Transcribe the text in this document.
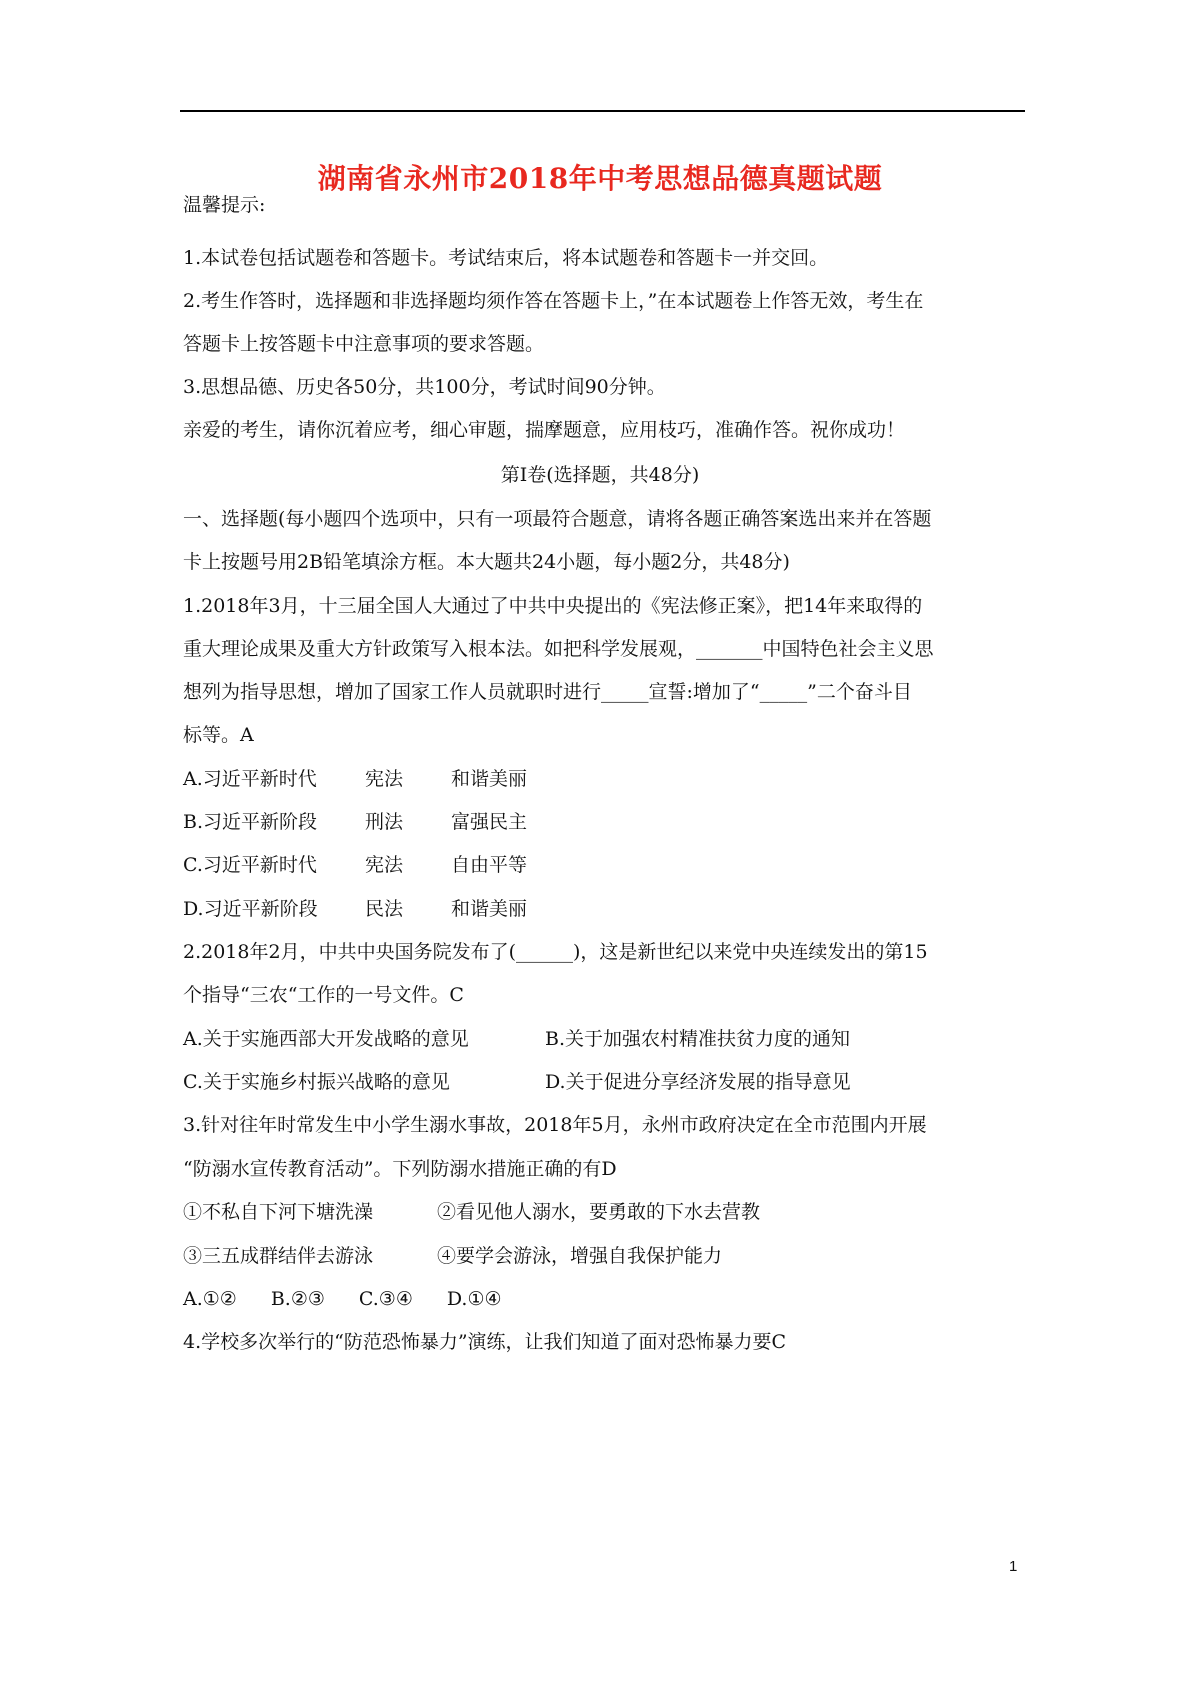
湖南省永州市2018年中考思想品德真题试题
温馨提示:
1.本试卷包括试题卷和答题卡。考试结束后，将本试题卷和答题卡一并交回。
2.考生作答时，选择题和非选择题均须作答在答题卡上，”在本试题卷上作答无效，考生在
答题卡上按答题卡中注意事项的要求答题。
3.思想品德、历史各50分，共100分，考试时间90分钟。
亲爱的考生，请你沉着应考，细心审题，揣摩题意，应用枝巧，准确作答。祝你成功！
第Ⅰ卷(选择题，共48分)
一、选择题(每小题四个选项中，只有一项最符合题意，请将各题正确答案选出来并在答题
卡上按题号用2B铅笔填涂方框。本大题共24小题，每小题2分，共48分)
1.2018年3月，十三届全国人大通过了中共中央提出的《宪法修正案》，把14年来取得的
重大理论成果及重大方针政策写入根本法。如把科学发展观，_______中国特色社会主义思
想列为指导思想，增加了国家工作人员就职时进行_____宣誓:增加了“_____”二个奋斗目
标等。A
A.习近平新时代	宪法	和谐美丽
B.习近平新阶段	刑法	富强民主
C.习近平新时代	宪法	自由平等
D.习近平新阶段 民法	和谐美丽
2.2018年2月，中共中央国务院发布了(______)，这是新世纪以来党中央连续发出的第15
个指导“三农“工作的一号文件。C
A.关于实施西部大开发战略的意见	B.关于加强农村精准扶贫力度的通知
C.关于实施乡村振兴战略的意见	D.关于促进分享经济发展的指导意见
3.针对往年时常发生中小学生溺水事故，2018年5月，永州市政府决定在全市范围内开展
“防溺水宣传教育活动”。下列防溺水措施正确的有D
①不私自下河下塘洗澡	②看见他人溺水，要勇敢的下水去营教
③三五成群结伴去游泳	④要学会游泳，增强自我保护能力
A.①② B.②③ C.③④ D.①④
4.学校多次举行的“防范恐怖暴力”演练，让我们知道了面对恐怖暴力要C
1
